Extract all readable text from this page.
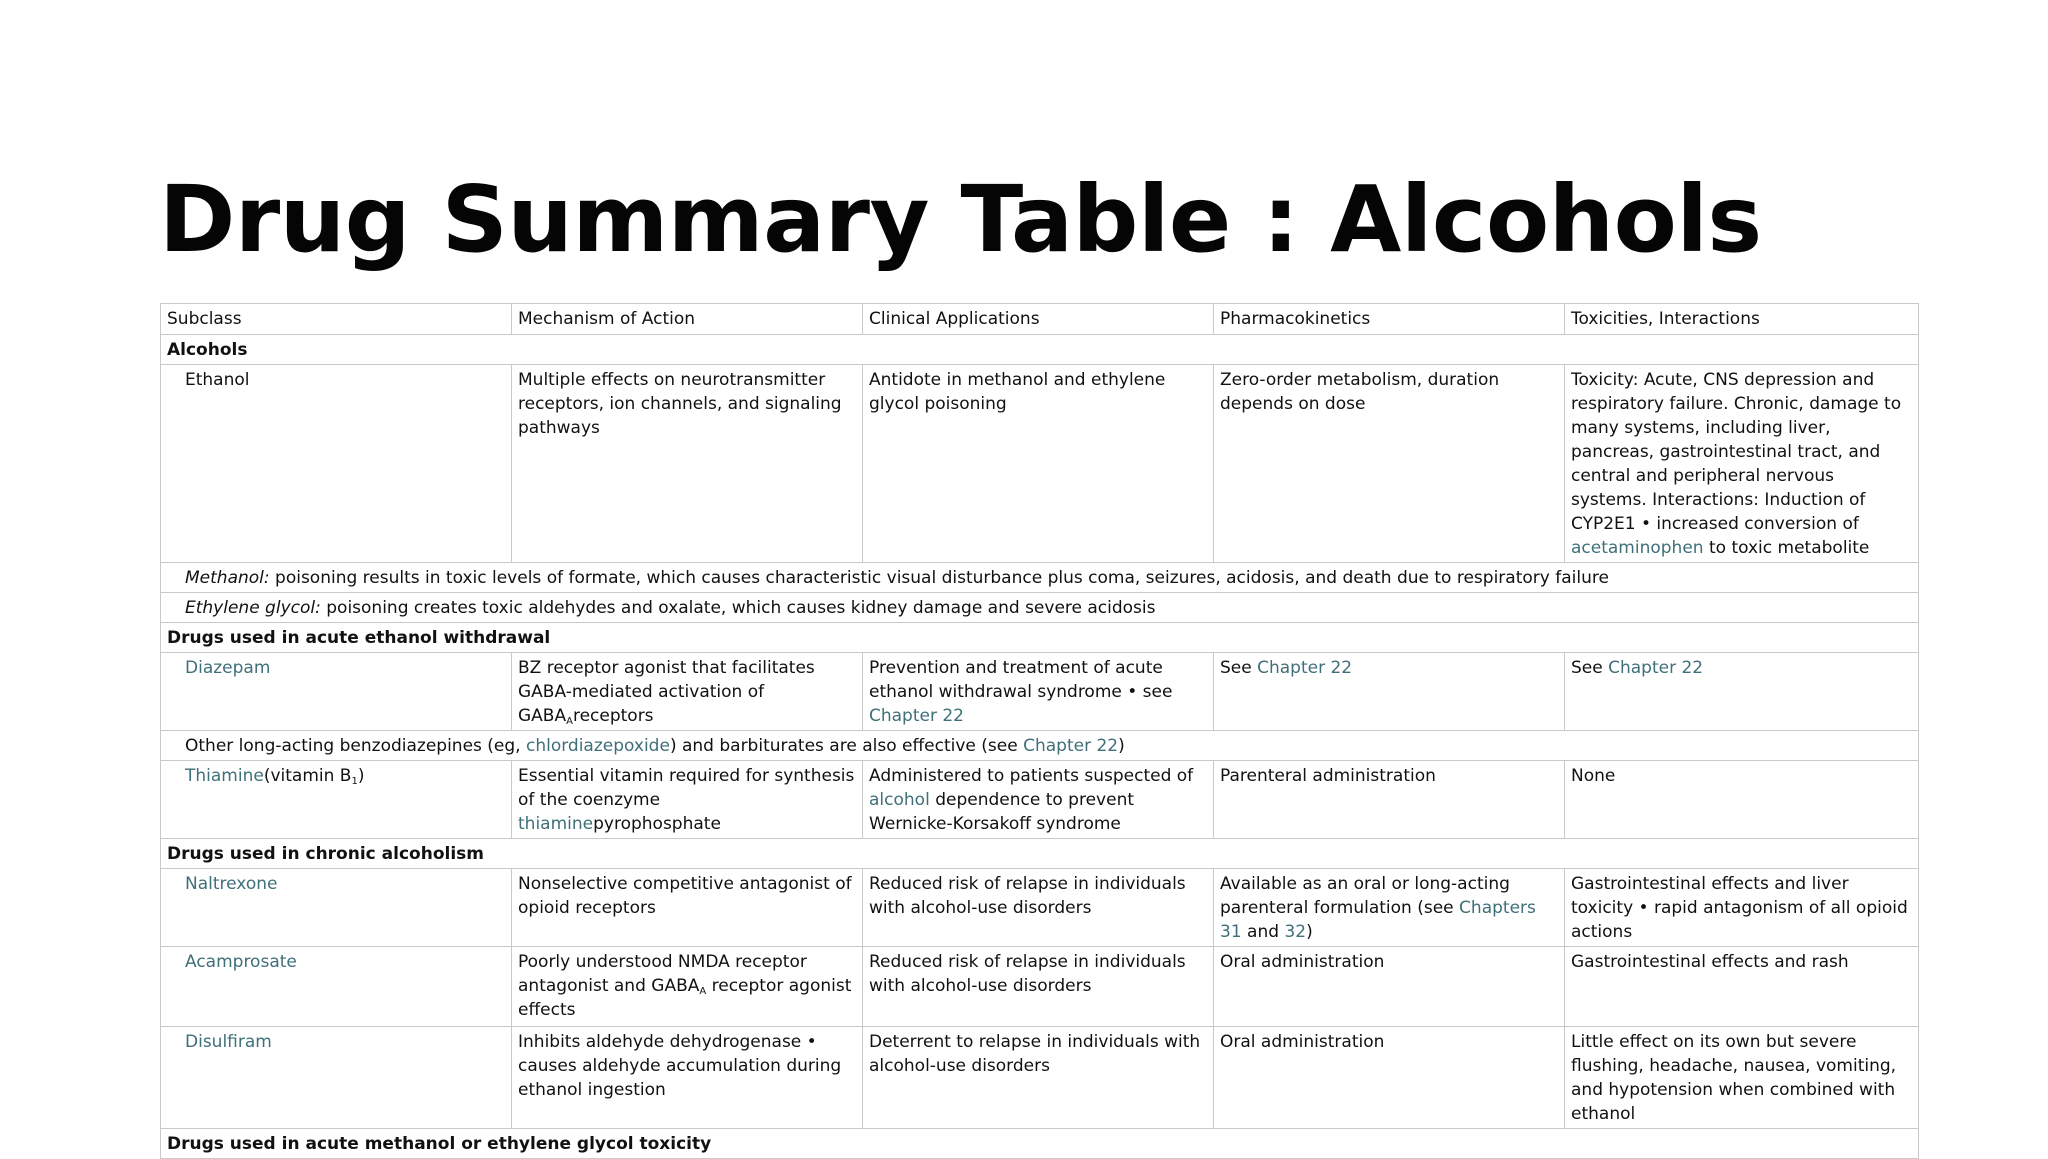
Drug Summary Table : Alcohols
Subclass	Mechanism of Action	Clinical Applications	Pharmacokinetics	Toxicities, Interactions
Alcohols				
Ethanol	Multiple effects on neurotransmitter receptors, ion channels, and signaling pathways	Antidote in methanol and ethylene glycol poisoning	Zero-order metabolism, duration depends on dose	Toxicity: Acute, CNS depression and respiratory failure. Chronic, damage to many systems, including liver, pancreas, gastrointestinal tract, and central and peripheral nervous systems. Interactions: Induction of CYP2E1 • increased conversion of acetaminophen to toxic metabolite
Methanol: poisoning results in toxic levels of formate, which causes characteristic visual disturbance plus coma, seizures, acidosis, and death due to respiratory failure				
Ethylene glycol: poisoning creates toxic aldehydes and oxalate, which causes kidney damage and severe acidosis				
Drugs used in acute ethanol withdrawal				
Diazepam	BZ receptor agonist that facilitates GABA-mediated activation of $GABA_Areceptors$	Prevention and treatment of acute ethanol withdrawal syndrome • see Chapter 22	See Chapter 22	See Chapter 22
Other long-acting benzodiazepines (eg, chlordiazepoxide) and barbiturates are also effective (see Chapter 22)				
Thiamine(vitamin $B_1$)	Essential vitamin required for synthesis of the coenzyme thiaminepyrophosphate	Administered to patients suspected of alcohol dependence to prevent Wernicke-Korsakoff syndrome	Parenteral administration	None
Drugs used in chronic alcoholism				
Naltrexone	Nonselective competitive antagonist of opioid receptors	Reduced risk of relapse in individuals with alcohol-use disorders	Available as an oral or long-acting parenteral formulation (see Chapters 31 and 32)	Gastrointestinal effects and liver toxicity • rapid antagonism of all opioid actions
Acamprosate	Poorly understood NMDA receptor antagonist and $GABA_A$ receptor agonist effects	Reduced risk of relapse in individuals with alcohol-use disorders	Oral administration	Gastrointestinal effects and rash
Disulfiram	Inhibits aldehyde dehydrogenase • causes aldehyde accumulation during ethanol ingestion	Deterrent to relapse in individuals with alcohol-use disorders	Oral administration	Little effect on its own but severe flushing, headache, nausea, vomiting, and hypotension when combined with ethanol
Drugs used in acute methanol or ethylene glycol toxicity				
